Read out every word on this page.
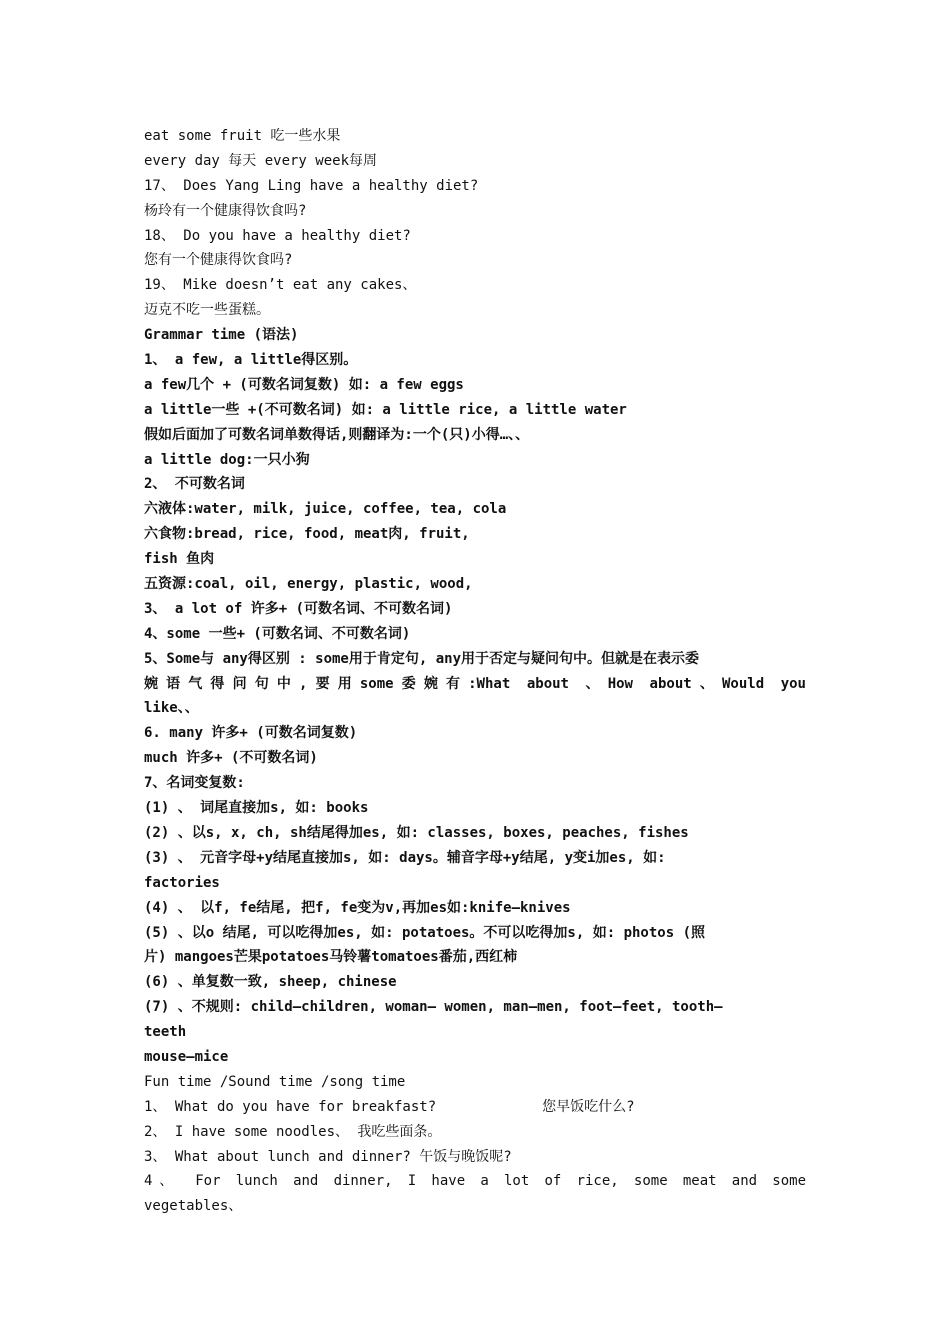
eat some fruit 吃一些水果
every day 每天 every week每周
17、 Does Yang Ling have a healthy diet?
杨玲有一个健康得饮食吗?
18、 Do you have a healthy diet?
您有一个健康得饮食吗?
19、 Mike doesn’t eat any cakes、
迈克不吃一些蛋糕。
Grammar time (语法)
1、 a few, a little得区别。
a few几个 + (可数名词复数) 如: a few eggs
a little一些 +(不可数名词) 如: a little rice, a little water
假如后面加了可数名词单数得话,则翻译为:一个(只)小得…、、
a little dog:一只小狗
2、 不可数名词
六液体:water, milk, juice, coffee, tea, cola
六食物:bread, rice, food, meat肉, fruit,
fish 鱼肉
五资源:coal, oil, energy, plastic, wood,
3、 a lot of 许多+ (可数名词、不可数名词)
4、some 一些+ (可数名词、不可数名词)
5、Some与 any得区别 : some用于肯定句, any用于否定与疑问句中。但就是在表示委
婉语气得问句中,要用some委婉有:What about 、How about、Would you
like、、
6. many 许多+ (可数名词复数)
much 许多+ (不可数名词)
7、名词变复数:
(1) 、 词尾直接加s, 如: books
(2) 、以s, x, ch, sh结尾得加es, 如: classes, boxes, peaches, fishes
(3) 、 元音字母+y结尾直接加s, 如: days。辅音字母+y结尾, y变i加es, 如:
factories
(4) 、 以f, fe结尾, 把f, fe变为v,再加es如:knife—knives
(5) 、以o 结尾, 可以吃得加es, 如: potatoes。不可以吃得加s, 如: photos (照
片) mangoes芒果potatoes马铃薯tomatoes番茄,西红柿
(6) 、单复数一致, sheep, chinese
(7) 、不规则: child—children, woman— women, man—men, foot—feet, tooth—
teeth
mouse—mice
Fun time /Sound time /song time
1、 What do you have for breakfast?	您早饭吃什么?
2、 I have some noodles、 我吃些面条。
3、 What about lunch and dinner? 午饭与晚饭呢?
4、 For lunch and dinner, I have a lot of rice, some meat and some
vegetables、
